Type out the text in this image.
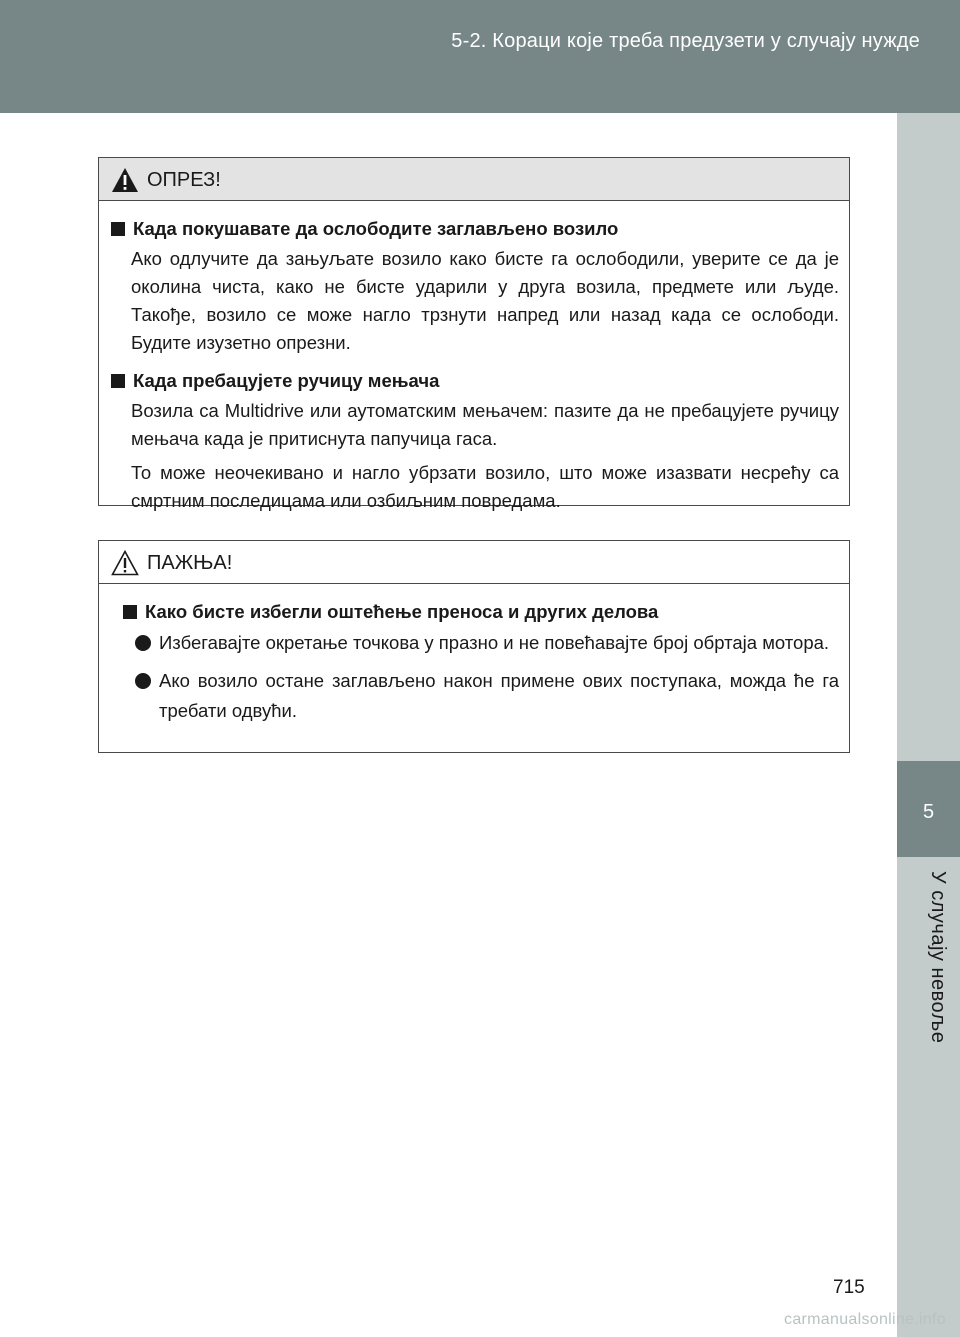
5-2. Кораци које треба предузети у случају нужде
5
У случају невоље
ОПРЕЗ!
Када покушавате да ослободите заглављено возило

Ако одлучите да зањуљате возило како бисте га ослободили, уверите се да је околина чиста, како не бисте ударили у друга возила, предмете или људе. Такође, возило се може нагло трзнути напред или назад када се ослободи. Будите изузетно опрезни.

Када пребацујете ручицу мењача

Возила са Multidrive или аутоматским мењачем: пазите да не пребацујете ручицу мењача када је притиснута папучица гаса.

То може неочекивано и нагло убрзати возило, што може изазвати несрећу са смртним последицама или озбиљним повредама.

ПАЖЊА!
Како бисте избегли оштећење преноса и других делова
Избегавајте окретање точкова у празно и не повећавајте број обртаја мотора.
Ако возило остане заглављено након примене ових поступака, можда ће га требати одвући.
715
carmanualsonline.info
